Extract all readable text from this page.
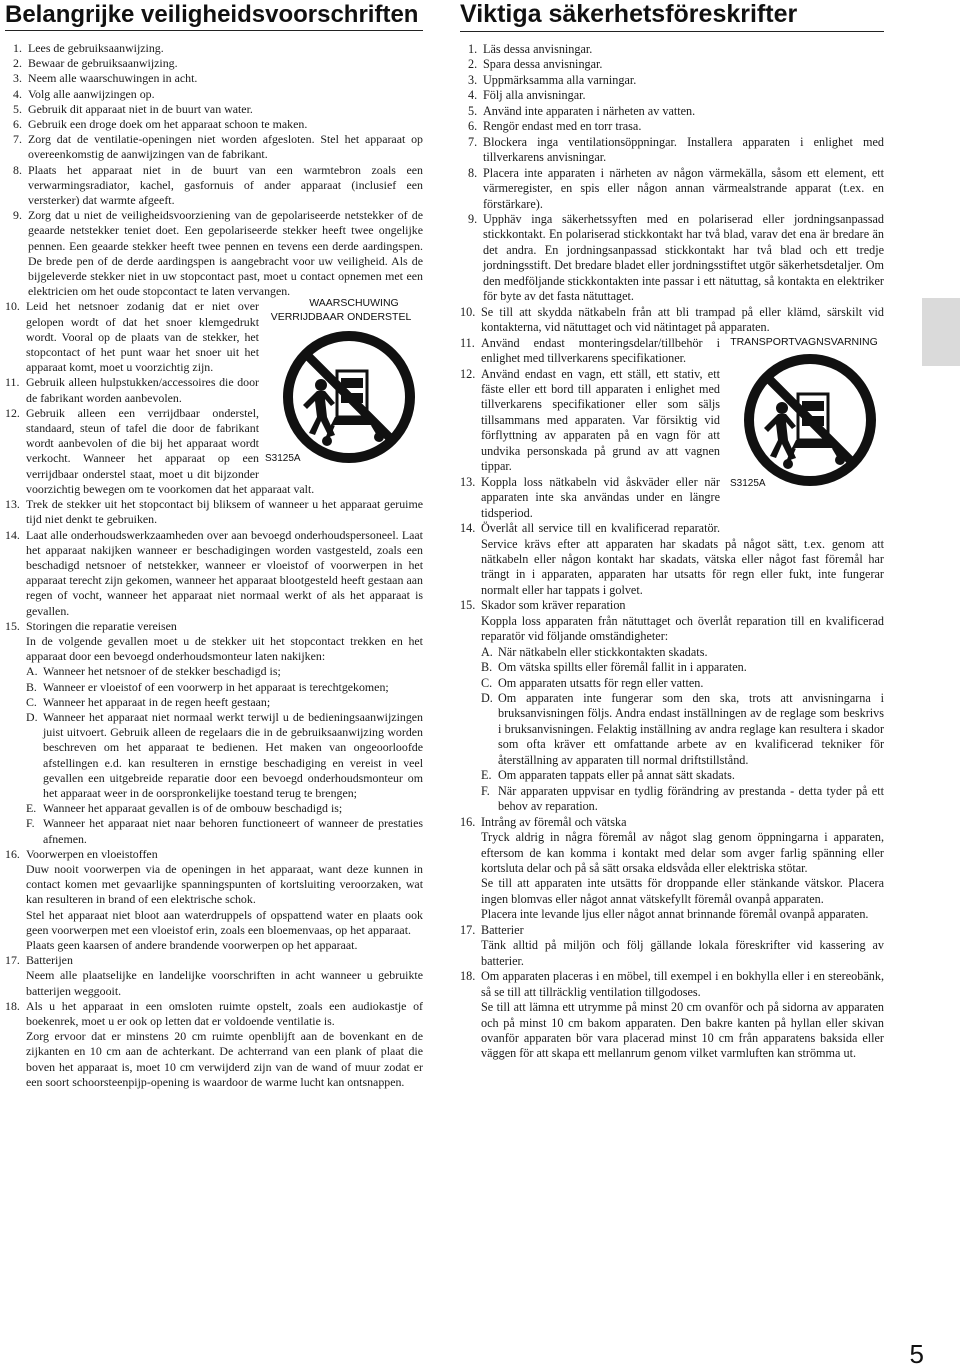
Belangrijke veiligheidsvoorschriften
1. Lees de gebruiksaanwijzing.
2. Bewaar de gebruiksaanwijzing.
3. Neem alle waarschuwingen in acht.
4. Volg alle aanwijzingen op.
5. Gebruik dit apparaat niet in de buurt van water.
6. Gebruik een droge doek om het apparaat schoon te maken.
7. Zorg dat de ventilatie-openingen niet worden afgesloten. Stel het apparaat op overeenkomstig de aanwijzingen van de fabrikant.
8. Plaats het apparaat niet in de buurt van een warmtebron zoals een verwarmingsradiator, kachel, gasfornuis of ander apparaat (inclusief een versterker) dat warmte afgeeft.
9. Zorg dat u niet de veiligheidsvoorziening van de gepolariseerde netstekker of de geaarde netstekker teniet doet. Een gepolariseerde stekker heeft twee ongelijke pennen. Een geaarde stekker heeft twee pennen en tevens een derde aardingspen. De brede pen of de derde aardingspen is aangebracht voor uw veiligheid. Als de bijgeleverde stekker niet in uw stopcontact past, moet u contact opnemen met een elektricien om het oude stopcontact te laten vervangen.
WAARSCHUWING
VERRIJDBAAR ONDERSTEL
S3125A
10. Leid het netsnoer zodanig dat er niet over gelopen wordt of dat het snoer klemgedrukt wordt. Vooral op de plaats van de stekker, het stopcontact of het punt waar het snoer uit het apparaat komt, moet u voorzichtig zijn.
11. Gebruik alleen hulpstukken/accessoires die door de fabrikant worden aanbevolen.
12. Gebruik alleen een verrijdbaar onderstel, standaard, steun of tafel die door de fabrikant wordt aanbevolen of die bij het apparaat wordt verkocht. Wanneer het apparaat op een verrijdbaar onderstel staat, moet u dit bijzonder voorzichtig bewegen om te voorkomen dat het apparaat valt.
13. Trek de stekker uit het stopcontact bij bliksem of wanneer u het apparaat geruime tijd niet denkt te gebruiken.
14. Laat alle onderhoudswerkzaamheden over aan bevoegd onderhoudspersoneel. Laat het apparaat nakijken wanneer er beschadigingen worden vastgesteld, zoals een beschadigd netsnoer of netstekker, wanneer er vloeistof of voorwerpen in het apparaat terecht zijn gekomen, wanneer het apparaat blootgesteld heeft gestaan aan regen of vocht, wanneer het apparaat niet normaal werkt of als het apparaat is gevallen.
15. Storingen die reparatie vereisen

In de volgende gevallen moet u de stekker uit het stopcontact trekken en het apparaat door een bevoegd onderhoudsmonteur laten nakijken:

A. Wanneer het netsnoer of de stekker beschadigd is;
B. Wanneer er vloeistof of een voorwerp in het apparaat is terechtgekomen;
C. Wanneer het apparaat in de regen heeft gestaan;
D. Wanneer het apparaat niet normaal werkt terwijl u de bedieningsaanwijzingen juist uitvoert. Gebruik alleen de regelaars die in de gebruiksaanwijzing worden beschreven om het apparaat te bedienen. Het maken van ongeoorloofde afstellingen e.d. kan resulteren in ernstige beschadiging en vereist in veel gevallen een uitgebreide reparatie door een bevoegd onderhoudsmonteur om het apparaat weer in de oorspronkelijke toestand terug te brengen;
E. Wanneer het apparaat gevallen is of de ombouw beschadigd is;
F. Wanneer het apparaat niet naar behoren functioneert of wanneer de prestaties afnemen.
16. Voorwerpen en vloeistoffen

Duw nooit voorwerpen via de openingen in het apparaat, want deze kunnen in contact komen met gevaarlijke spanningspunten of kortsluiting veroorzaken, wat kan resulteren in brand of een elektrische schok.

Stel het apparaat niet bloot aan waterdruppels of opspattend water en plaats ook geen voorwerpen met een vloeistof erin, zoals een bloemenvaas, op het apparaat.

Plaats geen kaarsen of andere brandende voorwerpen op het apparaat.

17. Batterijen

Neem alle plaatselijke en landelijke voorschriften in acht wanneer u gebruikte batterijen weggooit.

18. Als u het apparaat in een omsloten ruimte opstelt, zoals een audiokastje of boekenrek, moet u er ook op letten dat er voldoende ventilatie is.

Zorg ervoor dat er minstens 20 cm ruimte openblijft aan de bovenkant en de zijkanten en 10 cm aan de achterkant. De achterrand van een plank of plaat die boven het apparaat is, moet 10 cm verwijderd zijn van de wand of muur zodat er een soort schoorsteenpijp-opening is waardoor de warme lucht kan ontsnappen.

Viktiga säkerhetsföreskrifter
1. Läs dessa anvisningar.
2. Spara dessa anvisningar.
3. Uppmärksamma alla varningar.
4. Följ alla anvisningar.
5. Använd inte apparaten i närheten av vatten.
6. Rengör endast med en torr trasa.
7. Blockera inga ventilationsöppningar. Installera apparaten i enlighet med tillverkarens anvisningar.
8. Placera inte apparaten i närheten av någon värmekälla, såsom ett element, ett värmeregister, en spis eller någon annan värmealstrande apparat (t.ex. en förstärkare).
9. Upphäv inga säkerhetssyften med en polariserad eller jordningsanpassad stickkontakt. En polariserad stickkontakt har två blad, varav det ena är bredare än det andra. En jordningsanpassad stickkontakt har två blad och ett tredje jordningsstift. Det bredare bladet eller jordningsstiftet utgör säkerhetsdetaljer. Om den medföljande stickkontakten inte passar i ett nätuttag, så kontakta en elektriker för byte av det fasta nätuttaget.
10. Se till att skydda nätkabeln från att bli trampad på eller klämd, särskilt vid kontakterna, vid nätuttaget och vid nätintaget på apparaten.
TRANSPORTVAGNSVARNING
S3125A
11. Använd endast monteringsdelar/tillbehör i enlighet med tillverkarens specifikationer.
12. Använd endast en vagn, ett ställ, ett stativ, ett fäste eller ett bord till apparaten i enlighet med tillverkarens specifikationer eller som säljs tillsammans med apparaten. Var försiktig vid förflyttning av apparaten på en vagn för att undvika personskada på grund av att vagnen tippar.
13. Koppla loss nätkabeln vid åskväder eller när apparaten inte ska användas under en längre tidsperiod.
14. Överlåt all service till en kvalificerad reparatör. Service krävs efter att apparaten har skadats på något sätt, t.ex. genom att nätkabeln eller någon kontakt har skadats, vätska eller något fast föremål har trängt in i apparaten, apparaten har utsatts för regn eller fukt, inte fungerar normalt eller har tappats i golvet.
15. Skador som kräver reparation

Koppla loss apparaten från nätuttaget och överlåt reparation till en kvalificerad reparatör vid följande omständigheter:

A. När nätkabeln eller stickkontakten skadats.
B. Om vätska spillts eller föremål fallit in i apparaten.
C. Om apparaten utsatts för regn eller vatten.
D. Om apparaten inte fungerar som den ska, trots att anvisningarna i bruksanvisningen följs. Andra endast inställningen av de reglage som beskrivs i bruksanvisningen. Felaktig inställning av andra reglage kan resultera i skador som ofta kräver ett omfattande arbete av en kvalificerad tekniker för återställning av apparaten till normal driftstillstånd.
E. Om apparaten tappats eller på annat sätt skadats.
F. När apparaten uppvisar en tydlig förändring av prestanda - detta tyder på ett behov av reparation.
16. Intrång av föremål och vätska

Tryck aldrig in några föremål av något slag genom öppningarna i apparaten, eftersom de kan komma i kontakt med delar som avger farlig spänning eller kortsluta delar och på så sätt orsaka eldsvåda eller elektriska stötar.

Se till att apparaten inte utsätts för droppande eller stänkande vätskor. Placera ingen blomvas eller något annat vätskefyllt föremål ovanpå apparaten.

Placera inte levande ljus eller något annat brinnande föremål ovanpå apparaten.

17. Batterier

Tänk alltid på miljön och följ gällande lokala föreskrifter vid kassering av batterier.

18. Om apparaten placeras i en möbel, till exempel i en bokhylla eller i en stereobänk, så se till att tillräcklig ventilation tillgodoses.

Se till att lämna ett utrymme på minst 20 cm ovanför och på sidorna av apparaten och på minst 10 cm bakom apparaten. Den bakre kanten på hyllan eller skivan ovanför apparaten bör vara placerad minst 10 cm från apparatens baksida eller väggen för att skapa ett mellanrum genom vilket varmluften kan strömma ut.

5
